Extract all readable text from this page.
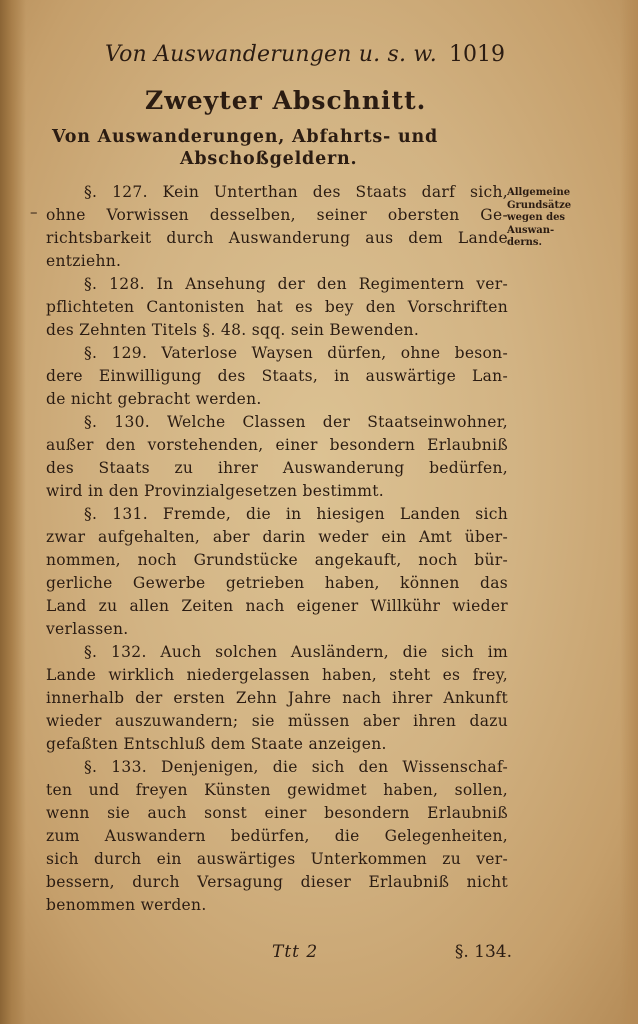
Von Auswanderungen u. s. w. 1019
Zweyter Abschnitt.
Von Auswanderungen, Abfahrts- und
Abschoßgeldern.
–
§. 127. Kein Unterthan des Staats darf sich,
ohne Vorwissen desselben, seiner obersten Ge-
richtsbarkeit durch Auswanderung aus dem Lande
entziehn.
§. 128. In Ansehung der den Regimentern ver-
pflichteten Cantonisten hat es bey den Vorschriften
des Zehnten Titels §. 48. sqq. sein Bewenden.
§. 129. Vaterlose Waysen dürfen, ohne beson-
dere Einwilligung des Staats, in auswärtige Lan-
de nicht gebracht werden.
§. 130. Welche Classen der Staatseinwohner,
außer den vorstehenden, einer besondern Erlaubniß
des Staats zu ihrer Auswanderung bedürfen,
wird in den Provinzialgesetzen bestimmt.
§. 131. Fremde, die in hiesigen Landen sich
zwar aufgehalten, aber darin weder ein Amt über-
nommen, noch Grundstücke angekauft, noch bür-
gerliche Gewerbe getrieben haben, können das
Land zu allen Zeiten nach eigener Willkühr wieder
verlassen.
§. 132. Auch solchen Ausländern, die sich im
Lande wirklich niedergelassen haben, steht es frey,
innerhalb der ersten Zehn Jahre nach ihrer Ankunft
wieder auszuwandern; sie müssen aber ihren dazu
gefaßten Entschluß dem Staate anzeigen.
§. 133. Denjenigen, die sich den Wissenschaf-
ten und freyen Künsten gewidmet haben, sollen,
wenn sie auch sonst einer besondern Erlaubniß
zum Auswandern bedürfen, die Gelegenheiten,
sich durch ein auswärtiges Unterkommen zu ver-
bessern, durch Versagung dieser Erlaubniß nicht
benommen werden.
Allgemeine
Grundsätze
wegen des
Auswan-
derns.
Ttt 2	§. 134.
